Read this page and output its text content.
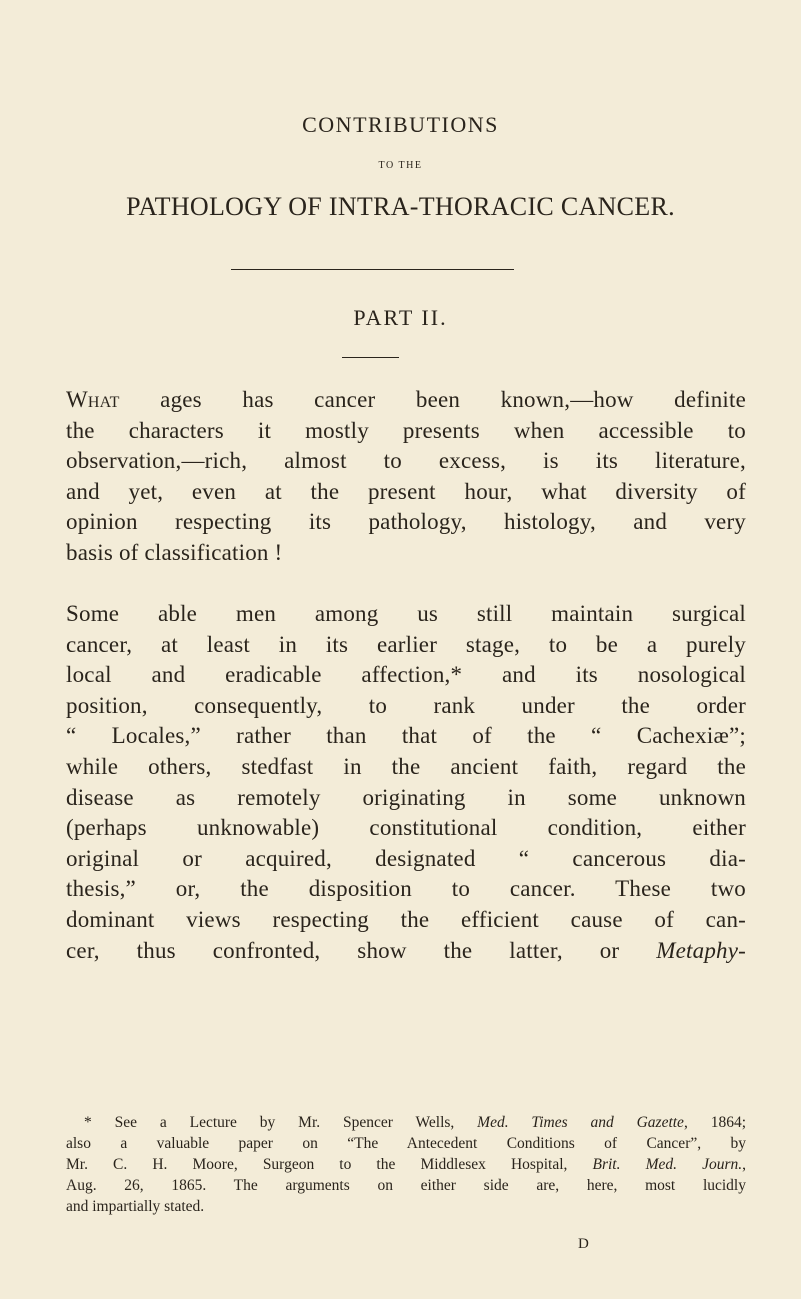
CONTRIBUTIONS
TO THE
PATHOLOGY OF INTRA-THORACIC CANCER.
PART II.
What ages has cancer been known,—how definite
the characters it mostly presents when accessible to
observation,—rich, almost to excess, is its literature,
and yet, even at the present hour, what diversity of
opinion respecting its pathology, histology, and very
basis of classification !
Some able men among us still maintain surgical
cancer, at least in its earlier stage, to be a purely
local and eradicable affection,* and its nosological
position, consequently, to rank under the order
“ Locales,” rather than that of the “ Cachexiæ”;
while others, stedfast in the ancient faith, regard the
disease as remotely originating in some unknown
(perhaps unknowable) constitutional condition, either
original or acquired, designated “ cancerous dia-
thesis,” or, the disposition to cancer. These two
dominant views respecting the efficient cause of can-
cer, thus confronted, show the latter, or Metaphy-
* See a Lecture by Mr. Spencer Wells, Med. Times and Gazette, 1864;
also a valuable paper on “The Antecedent Conditions of Cancer”, by
Mr. C. H. Moore, Surgeon to the Middlesex Hospital, Brit. Med. Journ.,
Aug. 26, 1865. The arguments on either side are, here, most lucidly
and impartially stated.
D
